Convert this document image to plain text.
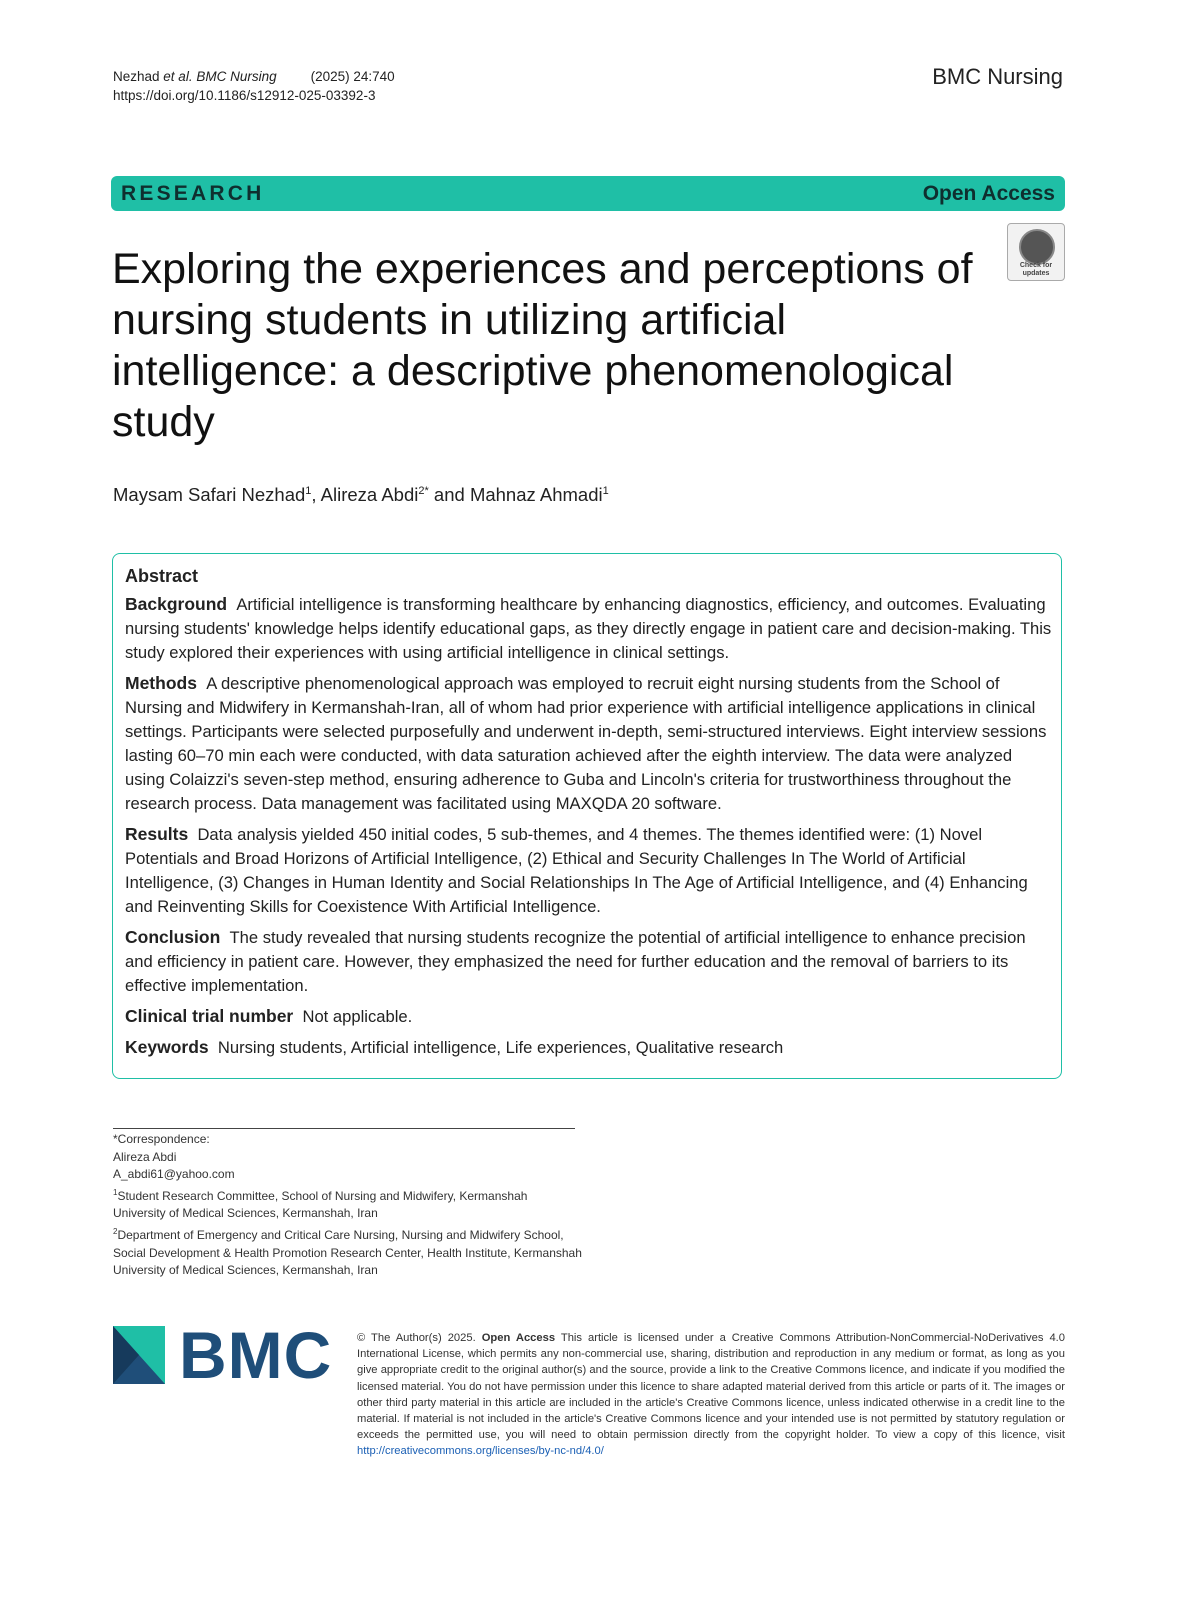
Nezhad et al. BMC Nursing	(2025) 24:740
https://doi.org/10.1186/s12912-025-03392-3
BMC Nursing
RESEARCH	Open Access
Check for updates
Exploring the experiences and perceptions of nursing students in utilizing artificial intelligence: a descriptive phenomenological study
Maysam Safari Nezhad$^1$, Alireza Abdi$^{2*}$ and Mahnaz Ahmadi$^1$
Abstract

Background Artificial intelligence is transforming healthcare by enhancing diagnostics, efficiency, and outcomes. Evaluating nursing students' knowledge helps identify educational gaps, as they directly engage in patient care and decision-making. This study explored their experiences with using artificial intelligence in clinical settings.

Methods A descriptive phenomenological approach was employed to recruit eight nursing students from the School of Nursing and Midwifery in Kermanshah-Iran, all of whom had prior experience with artificial intelligence applications in clinical settings. Participants were selected purposefully and underwent in-depth, semi-structured interviews. Eight interview sessions lasting 60–70 min each were conducted, with data saturation achieved after the eighth interview. The data were analyzed using Colaizzi's seven-step method, ensuring adherence to Guba and Lincoln's criteria for trustworthiness throughout the research process. Data management was facilitated using MAXQDA 20 software.

Results Data analysis yielded 450 initial codes, 5 sub-themes, and 4 themes. The themes identified were: (1) Novel Potentials and Broad Horizons of Artificial Intelligence, (2) Ethical and Security Challenges In The World of Artificial Intelligence, (3) Changes in Human Identity and Social Relationships In The Age of Artificial Intelligence, and (4) Enhancing and Reinventing Skills for Coexistence With Artificial Intelligence.

Conclusion The study revealed that nursing students recognize the potential of artificial intelligence to enhance precision and efficiency in patient care. However, they emphasized the need for further education and the removal of barriers to its effective implementation.

Clinical trial number Not applicable.

Keywords Nursing students, Artificial intelligence, Life experiences, Qualitative research

*Correspondence:
Alireza Abdi
A_abdi61@yahoo.com
$^1$Student Research Committee, School of Nursing and Midwifery, Kermanshah University of Medical Sciences, Kermanshah, Iran
$^2$Department of Emergency and Critical Care Nursing, Nursing and Midwifery School, Social Development & Health Promotion Research Center, Health Institute, Kermanshah University of Medical Sciences, Kermanshah, Iran
BMC © The Author(s) 2025. Open Access This article is licensed under a Creative Commons Attribution-NonCommercial-NoDerivatives 4.0 International License, which permits any non-commercial use, sharing, distribution and reproduction in any medium or format, as long as you give appropriate credit to the original author(s) and the source, provide a link to the Creative Commons licence, and indicate if you modified the licensed material. You do not have permission under this licence to share adapted material derived from this article or parts of it. The images or other third party material in this article are included in the article's Creative Commons licence, unless indicated otherwise in a credit line to the material. If material is not included in the article's Creative Commons licence and your intended use is not permitted by statutory regulation or exceeds the permitted use, you will need to obtain permission directly from the copyright holder. To view a copy of this licence, visit http://creativecommons.org/licenses/by-nc-nd/4.0/
